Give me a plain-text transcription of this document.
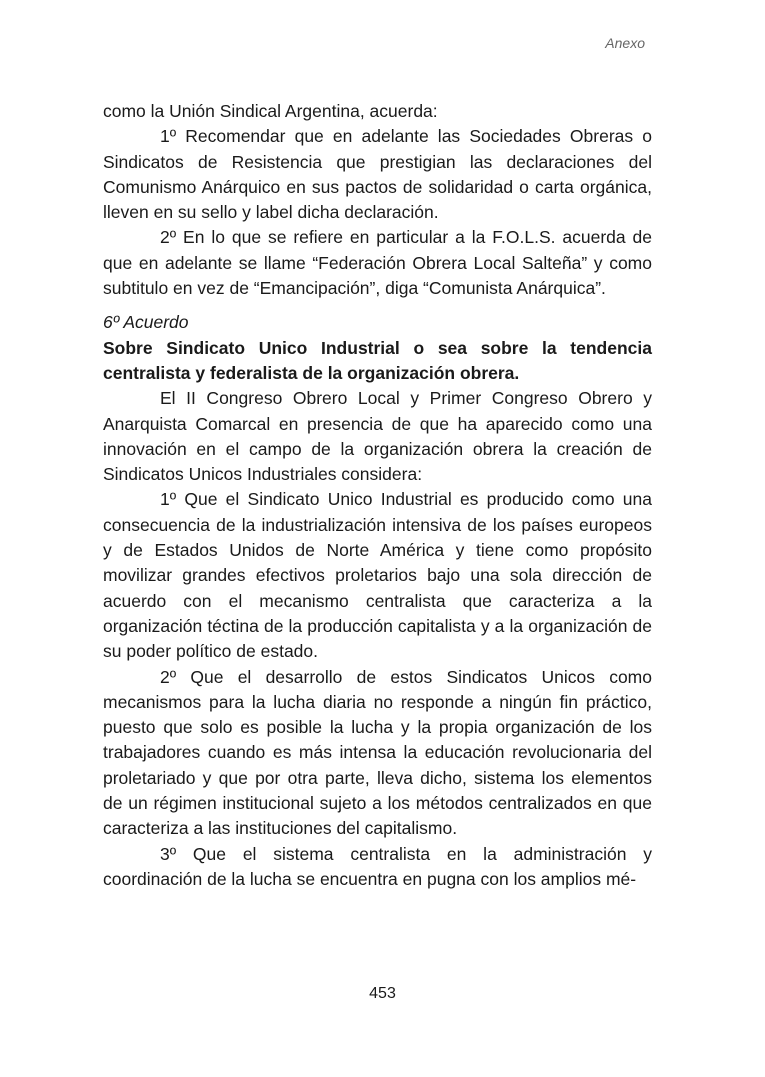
Anexo

como la Unión Sindical Argentina, acuerda:

1º Recomendar que en adelante las Sociedades Obreras o Sindicatos de Resistencia que prestigian las declaraciones del Comunismo Anárquico en sus pactos de solidaridad o carta orgánica, lleven en su sello y label dicha declaración.

2º En lo que se refiere en particular a la F.O.L.S. acuerda de que en adelante se llame “Federación Obrera Local Salteña” y como subtitulo en vez de “Emancipación”, diga “Comunista Anárquica”.

6º Acuerdo

Sobre Sindicato Unico Industrial o sea sobre la tendencia centralista y federalista de la organización obrera.

El II Congreso Obrero Local y Primer Congreso Obrero y Anarquista Comarcal en presencia de que ha aparecido como una innovación en el campo de la organización obrera la creación de Sindicatos Unicos Industriales considera:

1º Que el Sindicato Unico Industrial es producido como una consecuencia de la industrialización intensiva de los países europeos y de Estados Unidos de Norte América y tiene como propósito movilizar grandes efectivos proletarios bajo una sola dirección de acuerdo con el mecanismo centralista que caracteriza a la organización téctina de la producción capitalista y a la organización de su poder político de estado.

2º Que el desarrollo de estos Sindicatos Unicos como mecanismos para la lucha diaria no responde a ningún fin práctico, puesto que solo es posible la lucha y la propia organización de los trabajadores cuando es más intensa la educación revolucionaria del proletariado y que por otra parte, lleva dicho, sistema los elementos de un régimen institucional sujeto a los métodos centralizados en que caracteriza a las instituciones del capitalismo.

3º Que el sistema centralista en la administración y coordinación de la lucha se encuentra en pugna con los amplios mé-

453
